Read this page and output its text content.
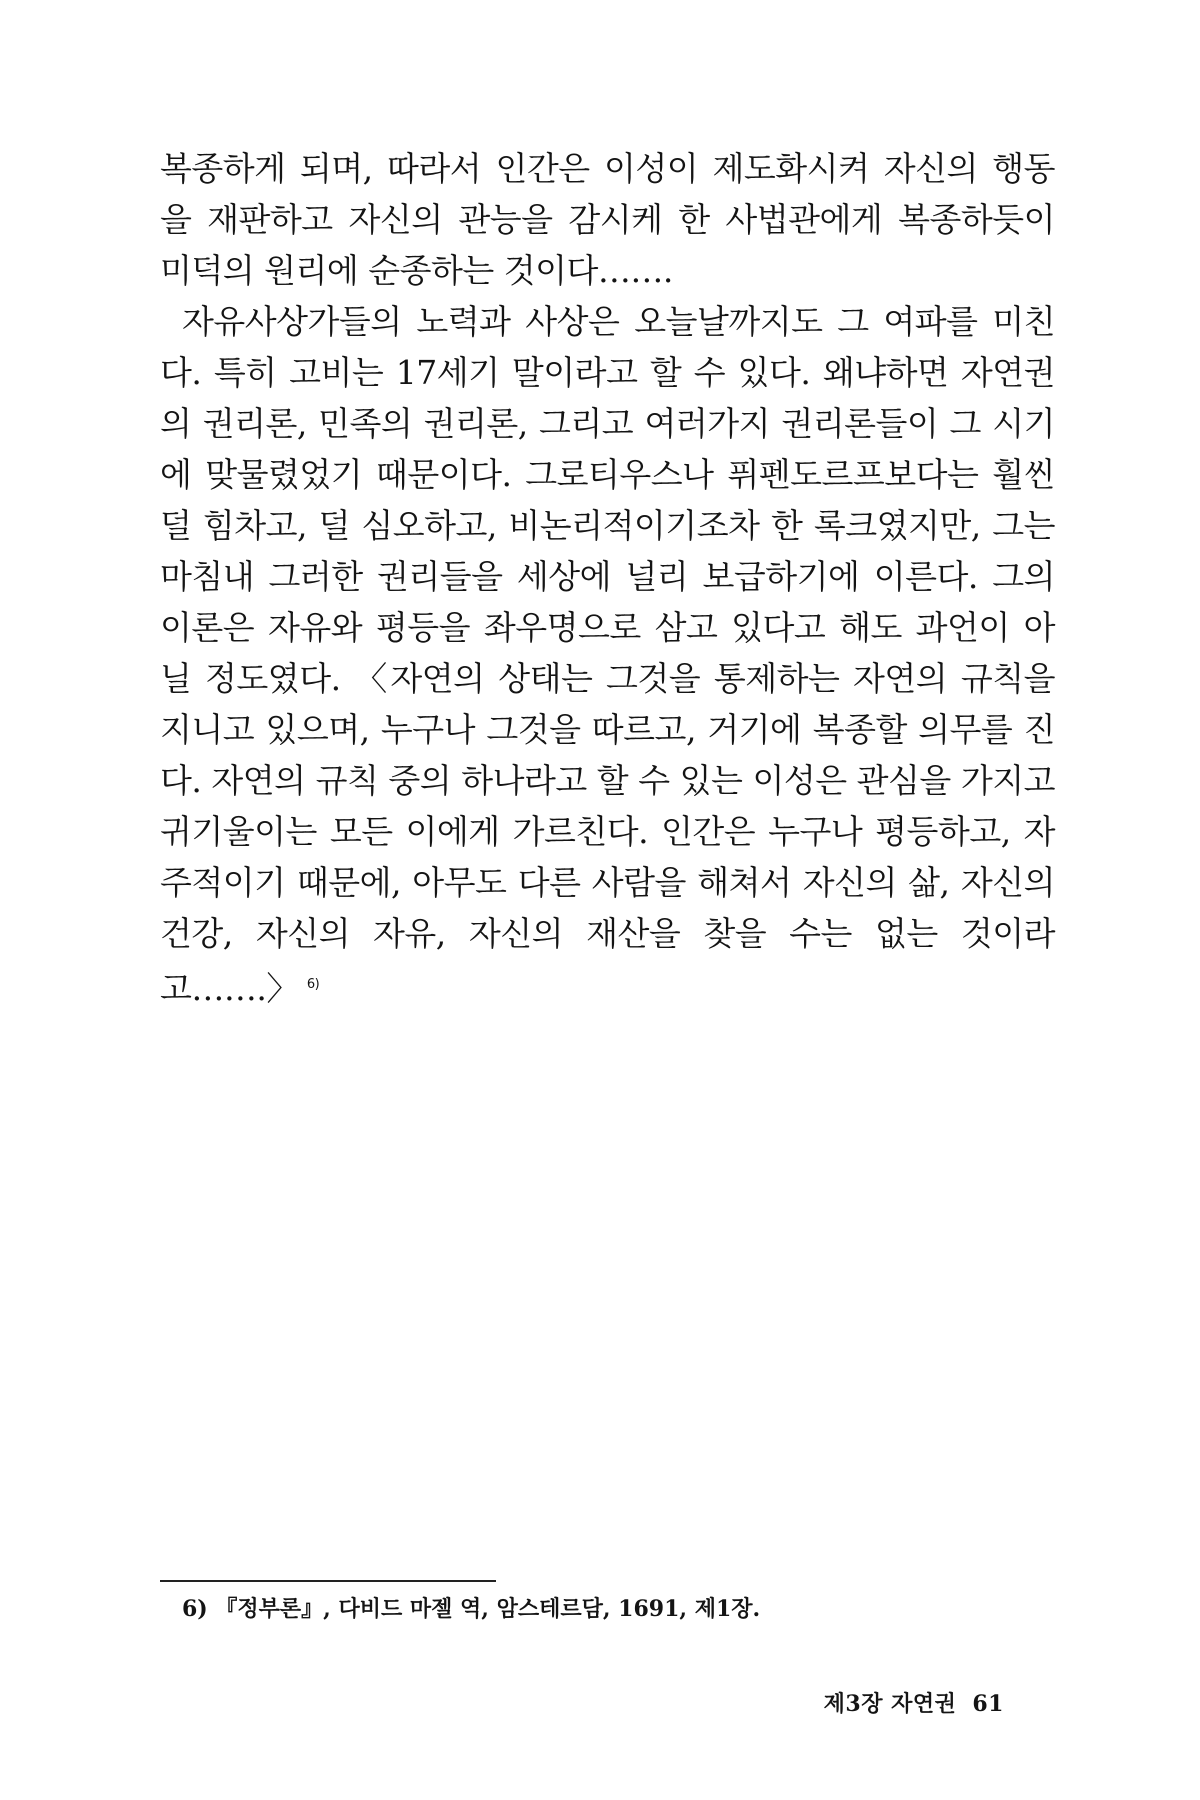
복종하게 되며, 따라서 인간은 이성이 제도화시켜 자신의 행동을 재판하고 자신의 관능을 감시케 한 사법관에게 복종하듯이 미덕의 원리에 순종하는 것이다…….

자유사상가들의 노력과 사상은 오늘날까지도 그 여파를 미친다. 특히 고비는 17세기 말이라고 할 수 있다. 왜냐하면 자연권의 권리론, 민족의 권리론, 그리고 여러가지 권리론들이 그 시기에 맞물렸었기 때문이다. 그로티우스나 퓌펜도르프보다는 훨씬 덜 힘차고, 덜 심오하고, 비논리적이기조차 한 록크였지만, 그는 마침내 그러한 권리들을 세상에 널리 보급하기에 이른다. 그의 이론은 자유와 평등을 좌우명으로 삼고 있다고 해도 과언이 아닐 정도였다. 〈자연의 상태는 그것을 통제하는 자연의 규칙을 지니고 있으며, 누구나 그것을 따르고, 거기에 복종할 의무를 진다. 자연의 규칙 중의 하나라고 할 수 있는 이성은 관심을 가지고 귀기울이는 모든 이에게 가르친다. 인간은 누구나 평등하고, 자주적이기 때문에, 아무도 다른 사람을 해쳐서 자신의 삶, 자신의 건강, 자신의 자유, 자신의 재산을 찾을 수는 없는 것이라고…….〉 $^{6)}$

6) 『정부론』, 다비드 마젤 역, 암스테르담, 1691, 제1장.
제3장 자연권 61
